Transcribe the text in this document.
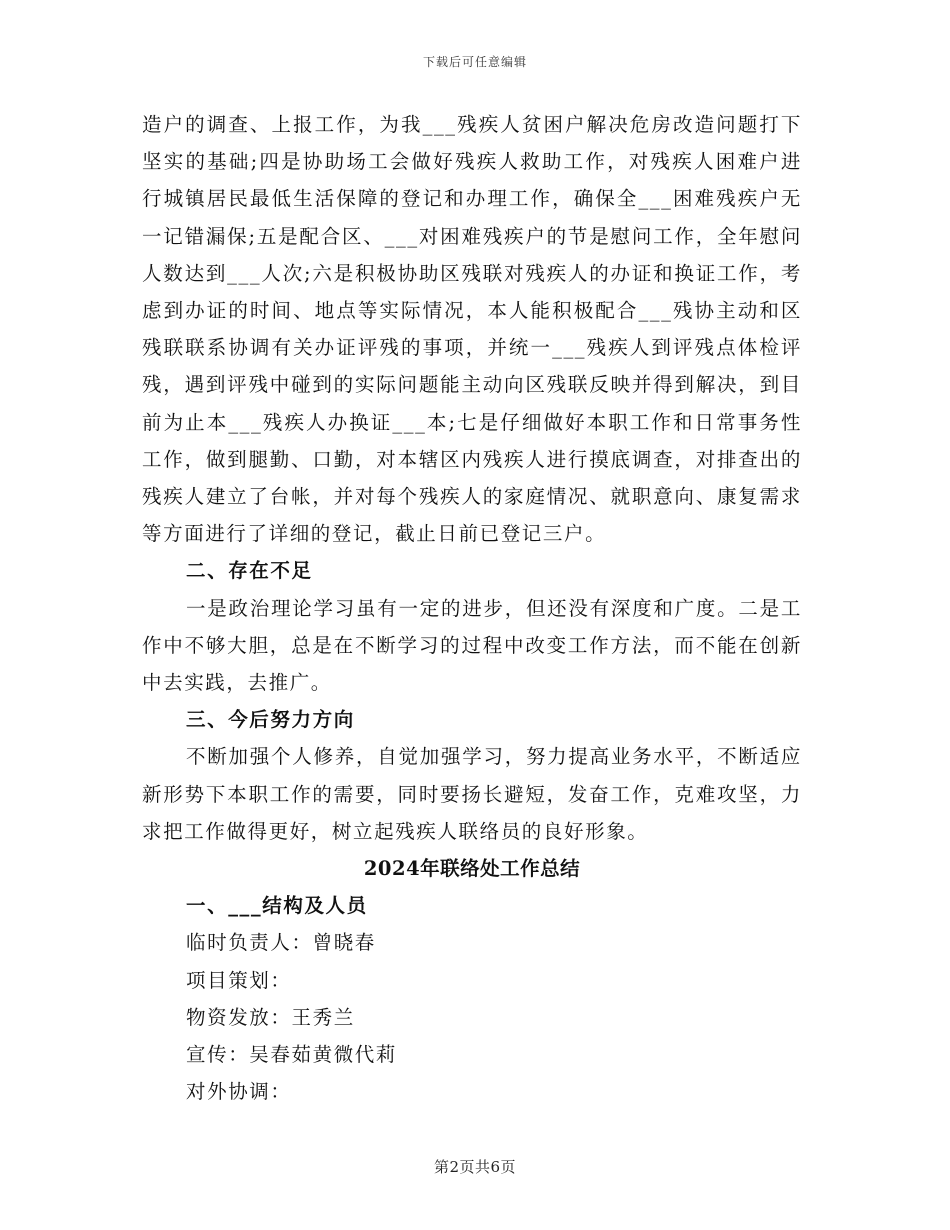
下载后可任意编辑

造户的调查、上报工作，为我___残疾人贫困户解决危房改造问题打下坚实的基础;四是协助场工会做好残疾人救助工作，对残疾人困难户进行城镇居民最低生活保障的登记和办理工作，确保全___困难残疾户无一记错漏保;五是配合区、___对困难残疾户的节是慰问工作，全年慰问人数达到___人次;六是积极协助区残联对残疾人的办证和换证工作，考虑到办证的时间、地点等实际情况，本人能积极配合___残协主动和区残联联系协调有关办证评残的事项，并统一___残疾人到评残点体检评残，遇到评残中碰到的实际问题能主动向区残联反映并得到解决，到目前为止本___残疾人办换证___本;七是仔细做好本职工作和日常事务性工作，做到腿勤、口勤，对本辖区内残疾人进行摸底调查，对排查出的残疾人建立了台帐，并对每个残疾人的家庭情况、就职意向、康复需求等方面进行了详细的登记，截止日前已登记三户。

二、存在不足

一是政治理论学习虽有一定的进步，但还没有深度和广度。二是工作中不够大胆，总是在不断学习的过程中改变工作方法，而不能在创新中去实践，去推广。

三、今后努力方向

不断加强个人修养，自觉加强学习，努力提高业务水平，不断适应新形势下本职工作的需要，同时要扬长避短，发奋工作，克难攻坚，力求把工作做得更好，树立起残疾人联络员的良好形象。

2024年联络处工作总结

一、___结构及人员

临时负责人：曾晓春

项目策划：

物资发放：王秀兰

宣传：吴春茹黄微代莉

对外协调：

第2页共6页
